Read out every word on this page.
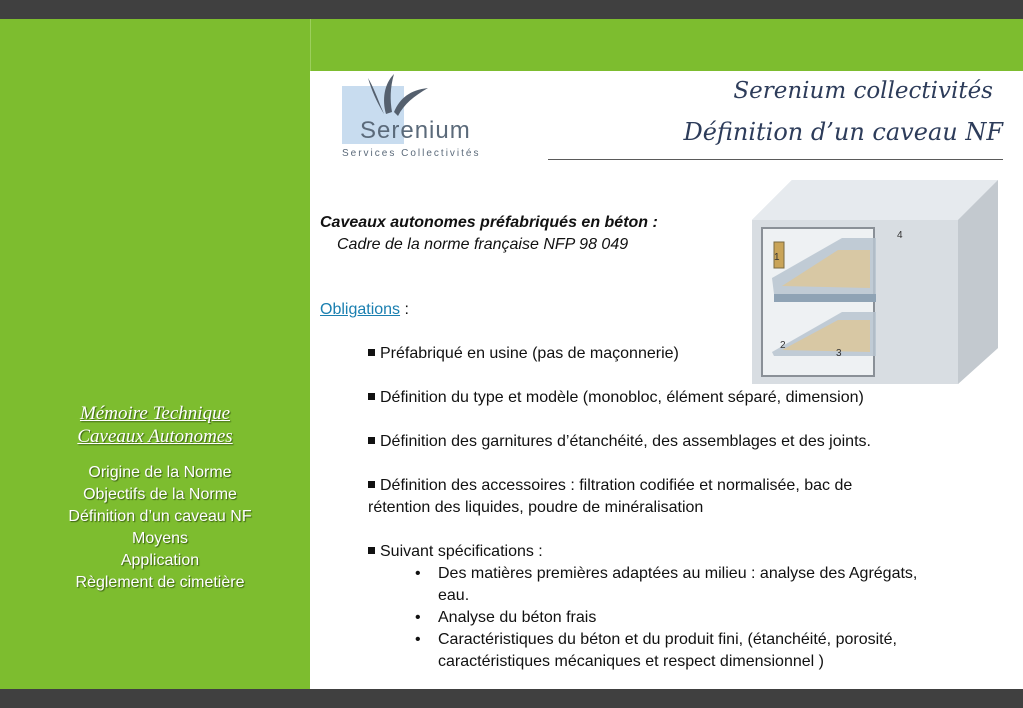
Mémoire Technique
Caveaux Autonomes
Origine de la Norme
Objectifs de la Norme
Définition d’un caveau NF
Moyens
Application
Règlement de cimetière
Serenium
Services Collectivités
Serenium collectivités
Définition d’un caveau NF
1
2
3
4
Caveaux autonomes préfabriqués en béton :
Cadre de la norme française NFP 98 049
Obligations :
Préfabriqué en usine (pas de maçonnerie)
Définition du type et modèle (monobloc, élément séparé, dimension)
Définition des garnitures d’étanchéité, des assemblages et des joints.
Définition des accessoires : filtration codifiée et normalisée, bac de
rétention des liquides, poudre de minéralisation
Suivant spécifications :
• Des matières premières adaptées au milieu : analyse des Agrégats,
eau.
• Analyse du béton frais
• Caractéristiques du béton et du produit fini, (étanchéité, porosité,
caractéristiques mécaniques et respect dimensionnel )
